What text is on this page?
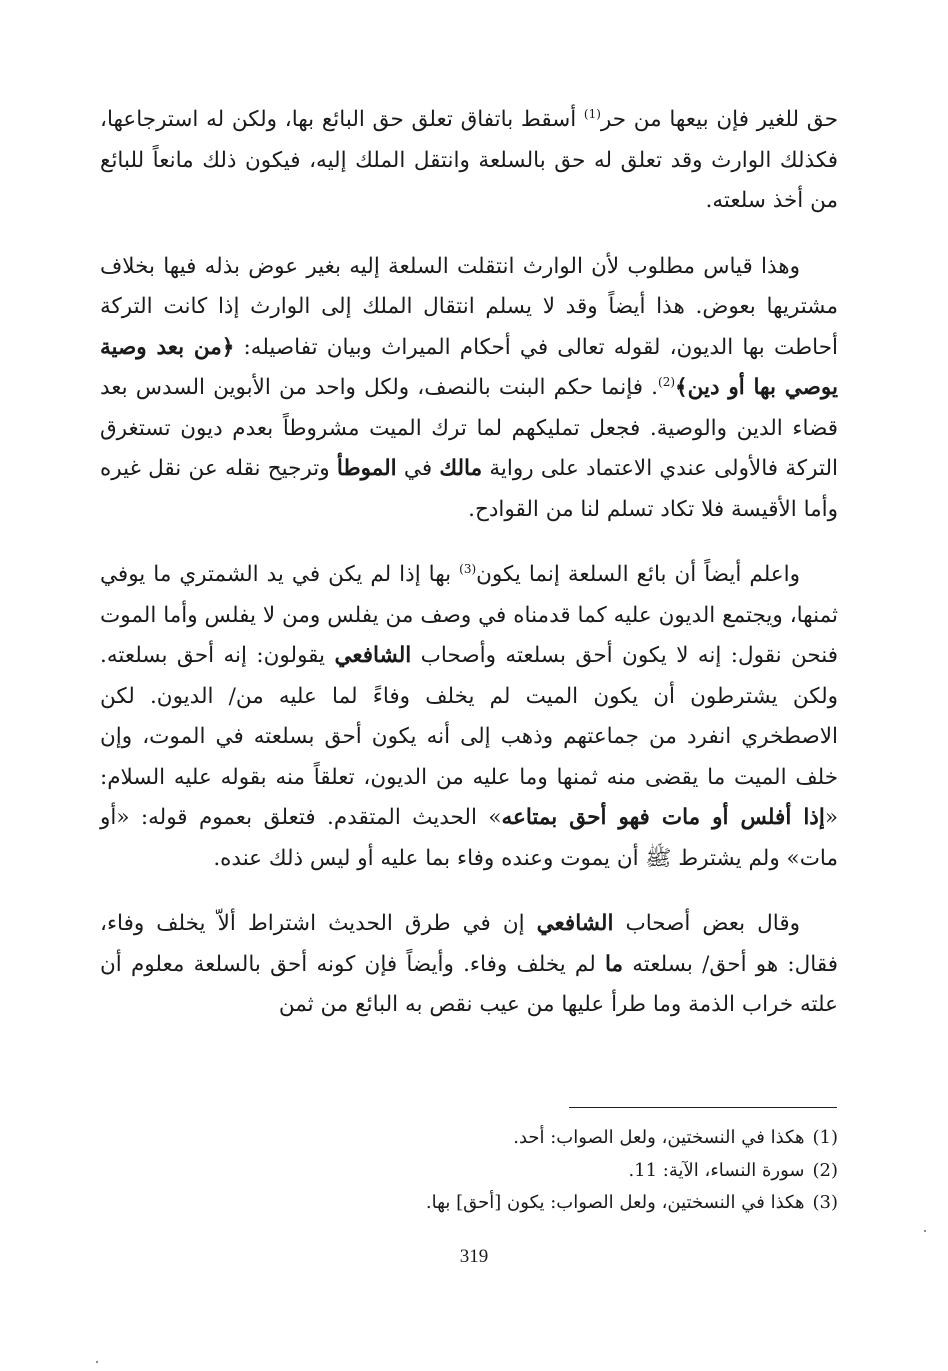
حق للغير فإن بيعها من حر$^{(1)}$ أسقط باتفاق تعلق حق البائع بها، ولكن له استرجاعها، فكذلك الوارث وقد تعلق له حق بالسلعة وانتقل الملك إليه، فيكون ذلك مانعاً للبائع من أخذ سلعته.

وهذا قياس مطلوب لأن الوارث انتقلت السلعة إليه بغير عوض بذله فيها بخلاف مشتريها بعوض. هذا أيضاً وقد لا يسلم انتقال الملك إلى الوارث إذا كانت التركة أحاطت بها الديون، لقوله تعالى في أحكام الميراث وبيان تفاصيله: ﴿من بعد وصية يوصي بها أو دين﴾$^{(2)}$. فإنما حكم البنت بالنصف، ولكل واحد من الأبوين السدس بعد قضاء الدين والوصية. فجعل تمليكهم لما ترك الميت مشروطاً بعدم ديون تستغرق التركة فالأولى عندي الاعتماد على رواية مالك في الموطأ وترجيح نقله عن نقل غيره وأما الأقيسة فلا تكاد تسلم لنا من القوادح.

واعلم أيضاً أن بائع السلعة إنما يكون$^{(3)}$ بها إذا لم يكن في يد الشمتري ما يوفي ثمنها، ويجتمع الديون عليه كما قدمناه في وصف من يفلس ومن لا يفلس وأما الموت فنحن نقول: إنه لا يكون أحق بسلعته وأصحاب الشافعي يقولون: إنه أحق بسلعته. ولكن يشترطون أن يكون الميت لم يخلف وفاءً لما عليه من/ الديون. لكن الاصطخري انفرد من جماعتهم وذهب إلى أنه يكون أحق بسلعته في الموت، وإن خلف الميت ما يقضى منه ثمنها وما عليه من الديون، تعلقاً منه بقوله عليه السلام: «إذا أفلس أو مات فهو أحق بمتاعه» الحديث المتقدم. فتعلق بعموم قوله: «أو مات» ولم يشترط ﷺ أن يموت وعنده وفاء بما عليه أو ليس ذلك عنده.

وقال بعض أصحاب الشافعي إن في طرق الحديث اشتراط ألاّ يخلف وفاء، فقال: هو أحق/ بسلعته ما لم يخلف وفاء. وأيضاً فإن كونه أحق بالسلعة معلوم أن علته خراب الذمة وما طرأ عليها من عيب نقص به البائع من ثمن

(1)هكذا في النسختين، ولعل الصواب: أحد.
(2)سورة النساء، الآية: 11.
(3)هكذا في النسختين، ولعل الصواب: يكون [أحق] بها.
319
